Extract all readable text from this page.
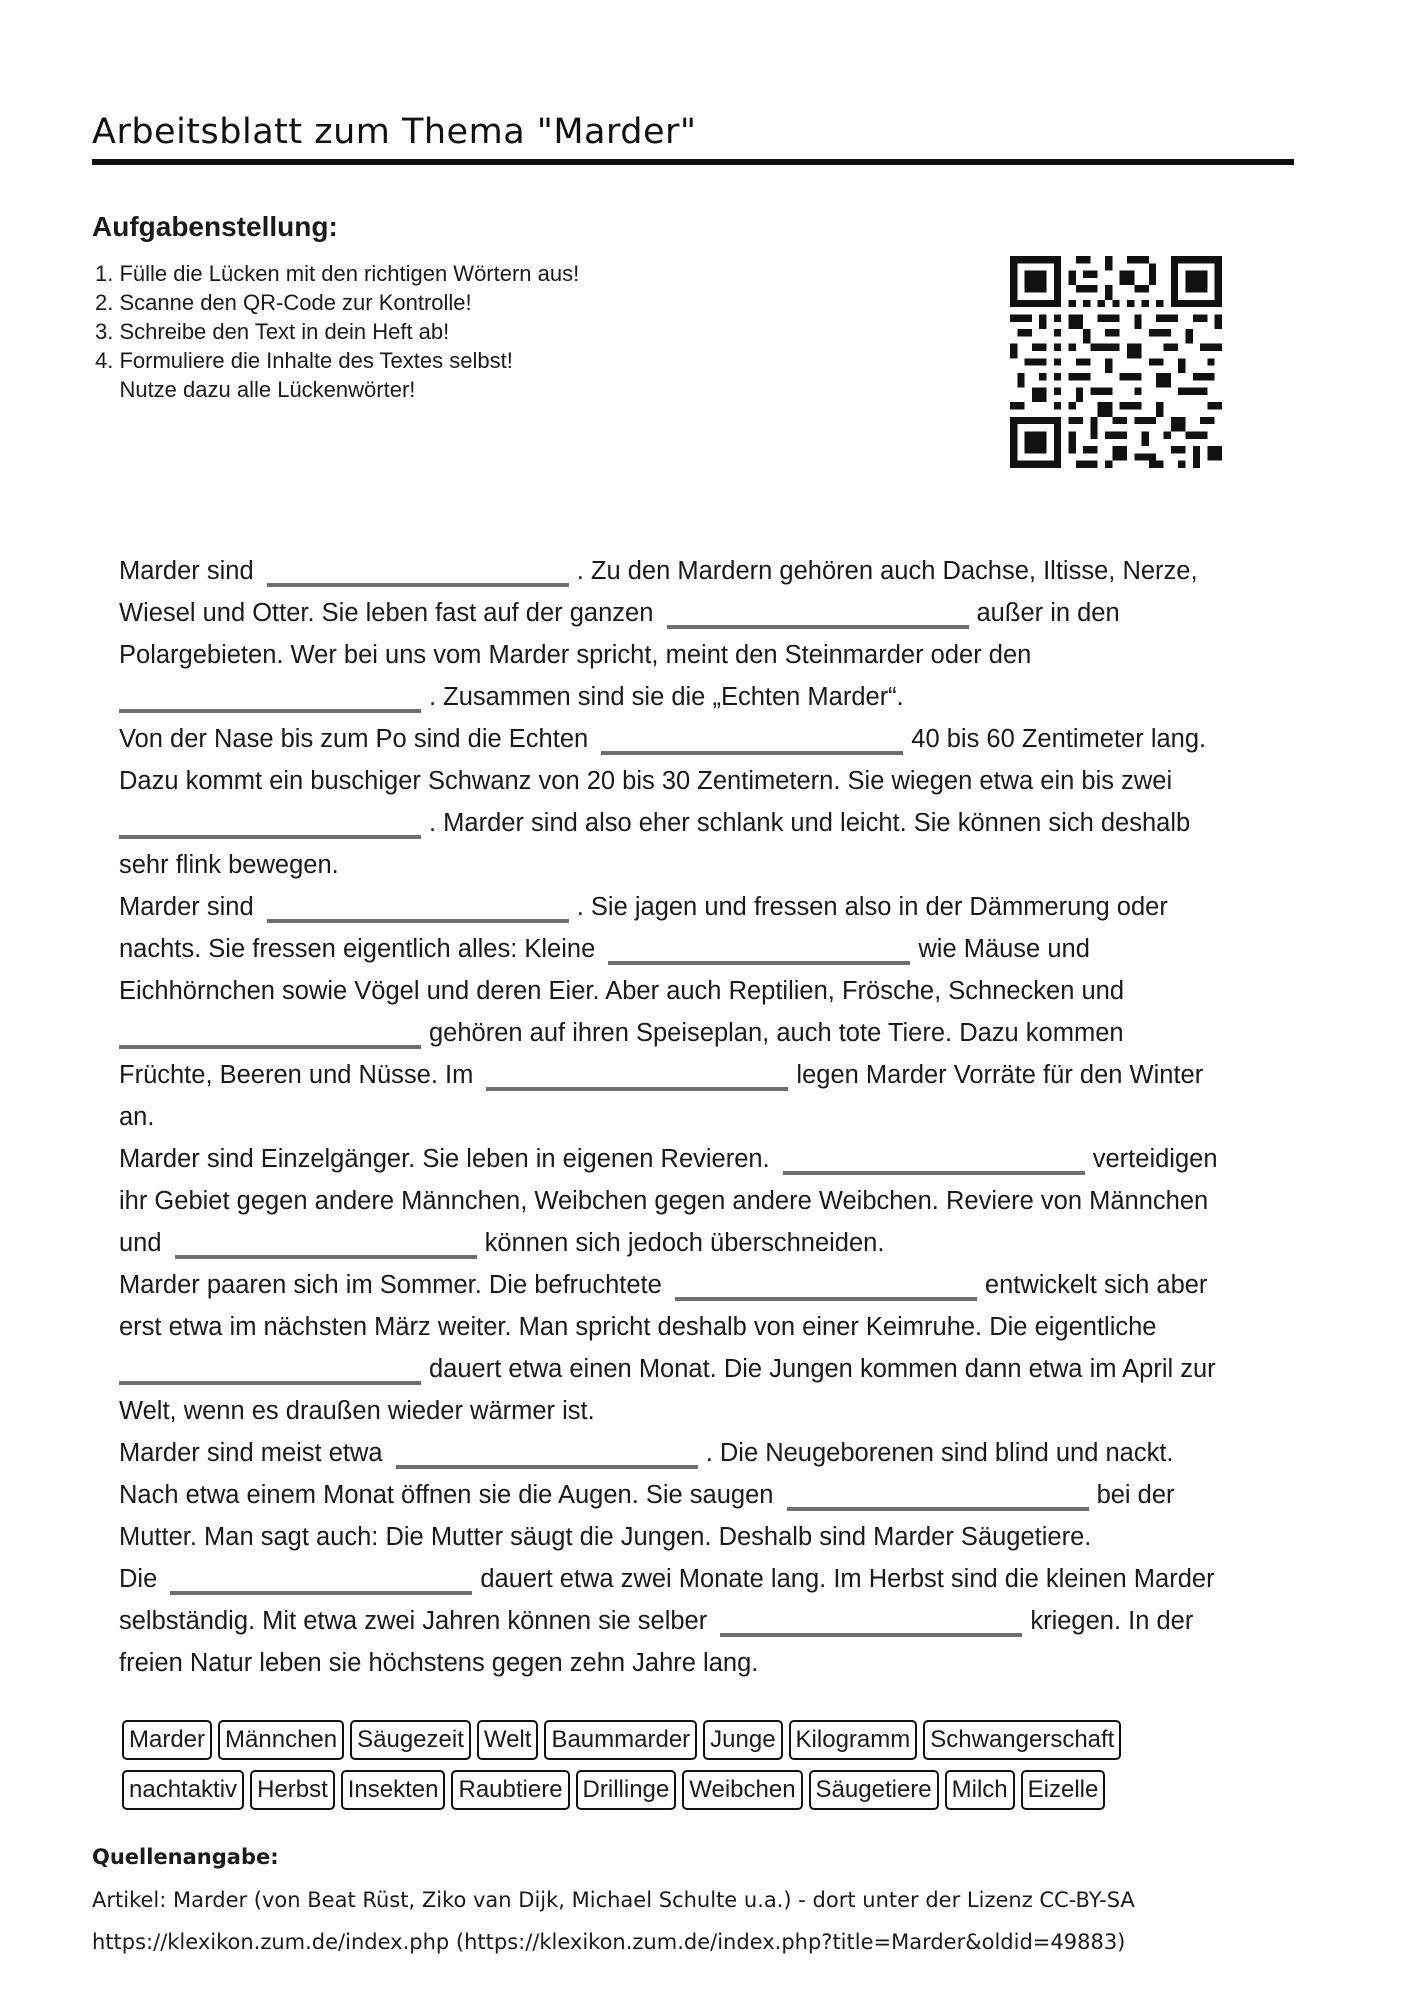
Arbeitsblatt zum Thema "Marder"
Aufgabenstellung:
1. Fülle die Lücken mit den richtigen Wörtern aus!
2. Scanne den QR-Code zur Kontrolle!
3. Schreibe den Text in dein Heft ab!
4. Formuliere die Inhalte des Textes selbst!
Nutze dazu alle Lückenwörter!
Marder sind	. Zu den Mardern gehören auch Dachse, Iltisse, Nerze,
Wiesel und Otter. Sie leben fast auf der ganzen	außer in den
Polargebieten. Wer bei uns vom Marder spricht, meint den Steinmarder oder den
. Zusammen sind sie die „Echten Marder“.
Von der Nase bis zum Po sind die Echten	40 bis 60 Zentimeter lang.
Dazu kommt ein buschiger Schwanz von 20 bis 30 Zentimetern. Sie wiegen etwa ein bis zwei
. Marder sind also eher schlank und leicht. Sie können sich deshalb
sehr flink bewegen.
Marder sind	. Sie jagen und fressen also in der Dämmerung oder
nachts. Sie fressen eigentlich alles: Kleine	wie Mäuse und
Eichhörnchen sowie Vögel und deren Eier. Aber auch Reptilien, Frösche, Schnecken und
gehören auf ihren Speiseplan, auch tote Tiere. Dazu kommen
Früchte, Beeren und Nüsse. Im	legen Marder Vorräte für den Winter
an.
Marder sind Einzelgänger. Sie leben in eigenen Revieren.	verteidigen
ihr Gebiet gegen andere Männchen, Weibchen gegen andere Weibchen. Reviere von Männchen
und	können sich jedoch überschneiden.
Marder paaren sich im Sommer. Die befruchtete	entwickelt sich aber
erst etwa im nächsten März weiter. Man spricht deshalb von einer Keimruhe. Die eigentliche
dauert etwa einen Monat. Die Jungen kommen dann etwa im April zur
Welt, wenn es draußen wieder wärmer ist.
Marder sind meist etwa	. Die Neugeborenen sind blind und nackt.
Nach etwa einem Monat öffnen sie die Augen. Sie saugen	bei der
Mutter. Man sagt auch: Die Mutter säugt die Jungen. Deshalb sind Marder Säugetiere.
Die	dauert etwa zwei Monate lang. Im Herbst sind die kleinen Marder
selbständig. Mit etwa zwei Jahren können sie selber	kriegen. In der
freien Natur leben sie höchstens gegen zehn Jahre lang.
Marder Männchen Säugezeit Welt Baummarder Junge Kilogramm Schwangerschaft
nachtaktiv Herbst Insekten Raubtiere Drillinge Weibchen Säugetiere Milch Eizelle
Quellenangabe:
Artikel: Marder (von Beat Rüst, Ziko van Dijk, Michael Schulte u.a.) - dort unter der Lizenz CC-BY-SA
https://klexikon.zum.de/index.php (https://klexikon.zum.de/index.php?title=Marder&oldid=49883)
